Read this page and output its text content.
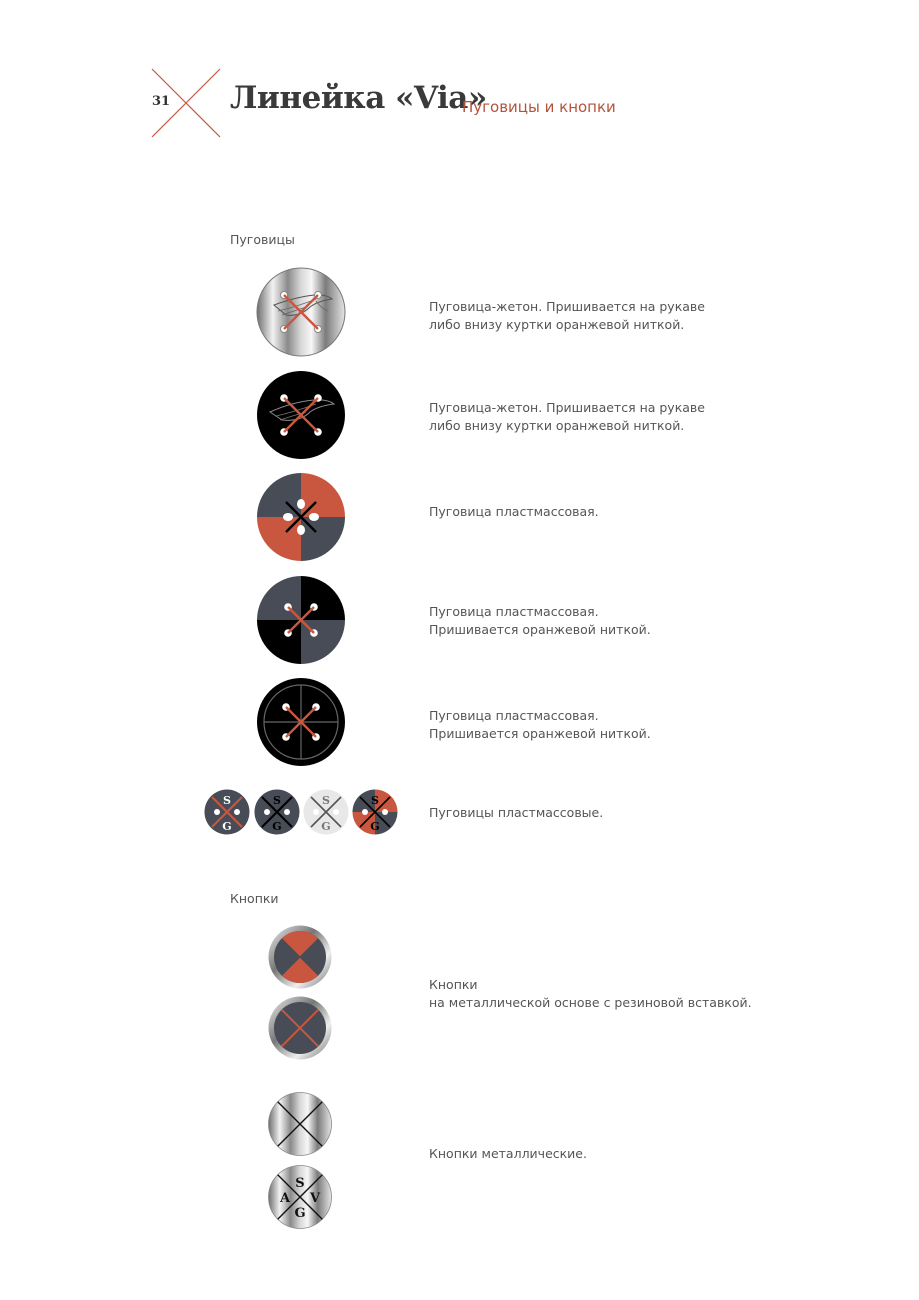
31 Линейка «Via»
Пуговицы и кнопки
Пуговицы
Кнопки
Пуговица-жетон. Пришивается на рукаве
либо внизу куртки оранжевой ниткой.
Пуговица-жетон. Пришивается на рукаве
либо внизу куртки оранжевой ниткой.
Пуговица пластмассовая.
Пуговица пластмассовая.
Пришивается оранжевой ниткой.
Пуговица пластмассовая.
Пришивается оранжевой ниткой.
S
G
S
G
S
G
S
G
Пуговицы пластмассовые.
Кнопки
на металлической основе с резиновой вставкой.
S
G
A V
Кнопки металлические.
